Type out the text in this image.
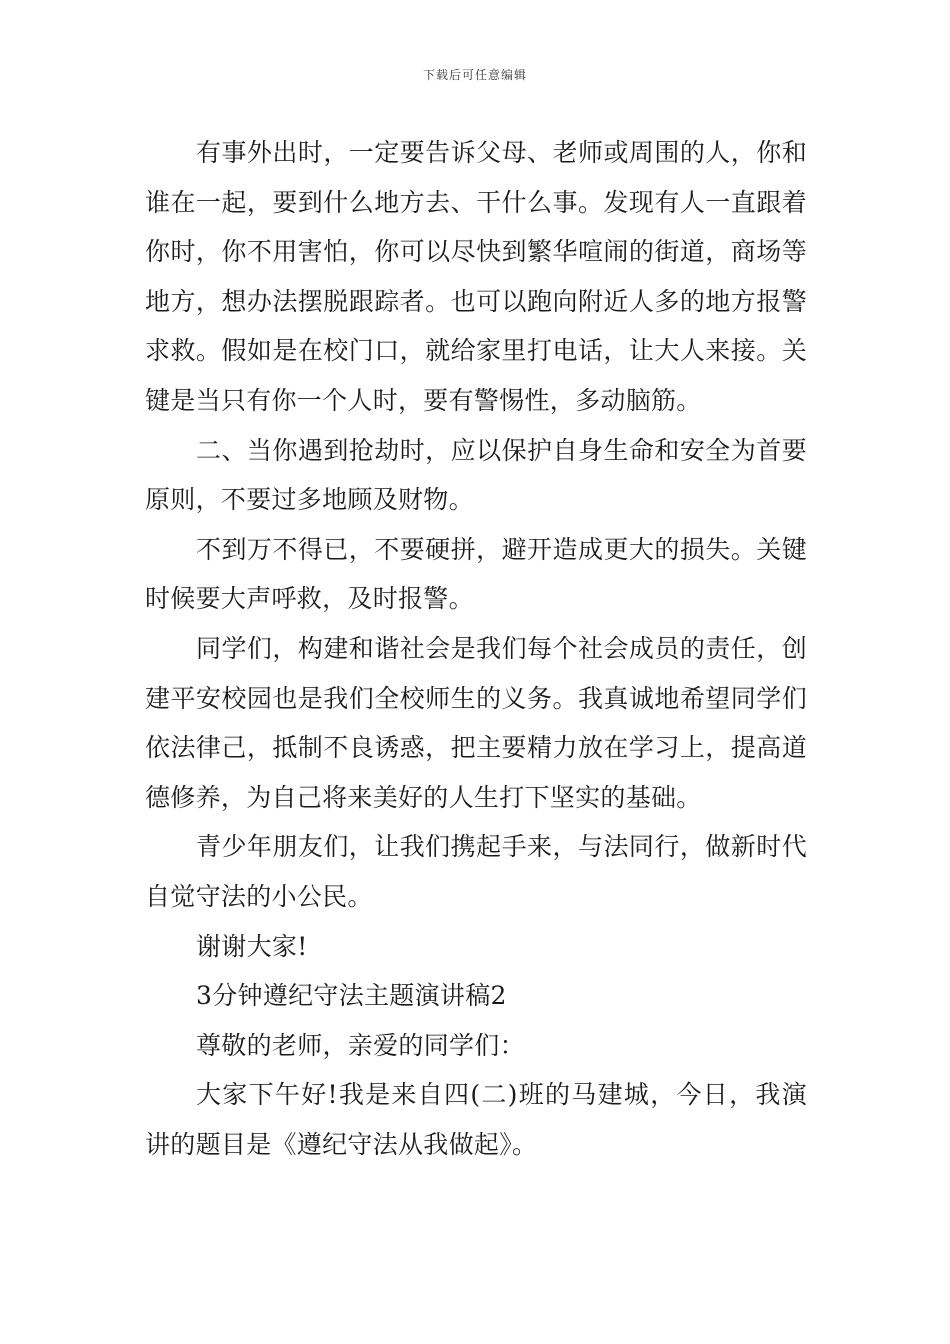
下载后可任意编辑

有事外出时，一定要告诉父母、老师或周围的人，你和谁在一起，要到什么地方去、干什么事。发现有人一直跟着你时，你不用害怕，你可以尽快到繁华喧闹的街道，商场等地方，想办法摆脱跟踪者。也可以跑向附近人多的地方报警求救。假如是在校门口，就给家里打电话，让大人来接。关键是当只有你一个人时，要有警惕性，多动脑筋。

二、当你遇到抢劫时，应以保护自身生命和安全为首要原则，不要过多地顾及财物。

不到万不得已，不要硬拼，避开造成更大的损失。关键时候要大声呼救，及时报警。

同学们，构建和谐社会是我们每个社会成员的责任，创建平安校园也是我们全校师生的义务。我真诚地希望同学们依法律己，抵制不良诱惑，把主要精力放在学习上，提高道德修养，为自己将来美好的人生打下坚实的基础。

青少年朋友们，让我们携起手来，与法同行，做新时代自觉守法的小公民。

谢谢大家!

3分钟遵纪守法主题演讲稿2

尊敬的老师，亲爱的同学们：

大家下午好!我是来自四(二)班的马建城，今日，我演讲的题目是《遵纪守法从我做起》。
